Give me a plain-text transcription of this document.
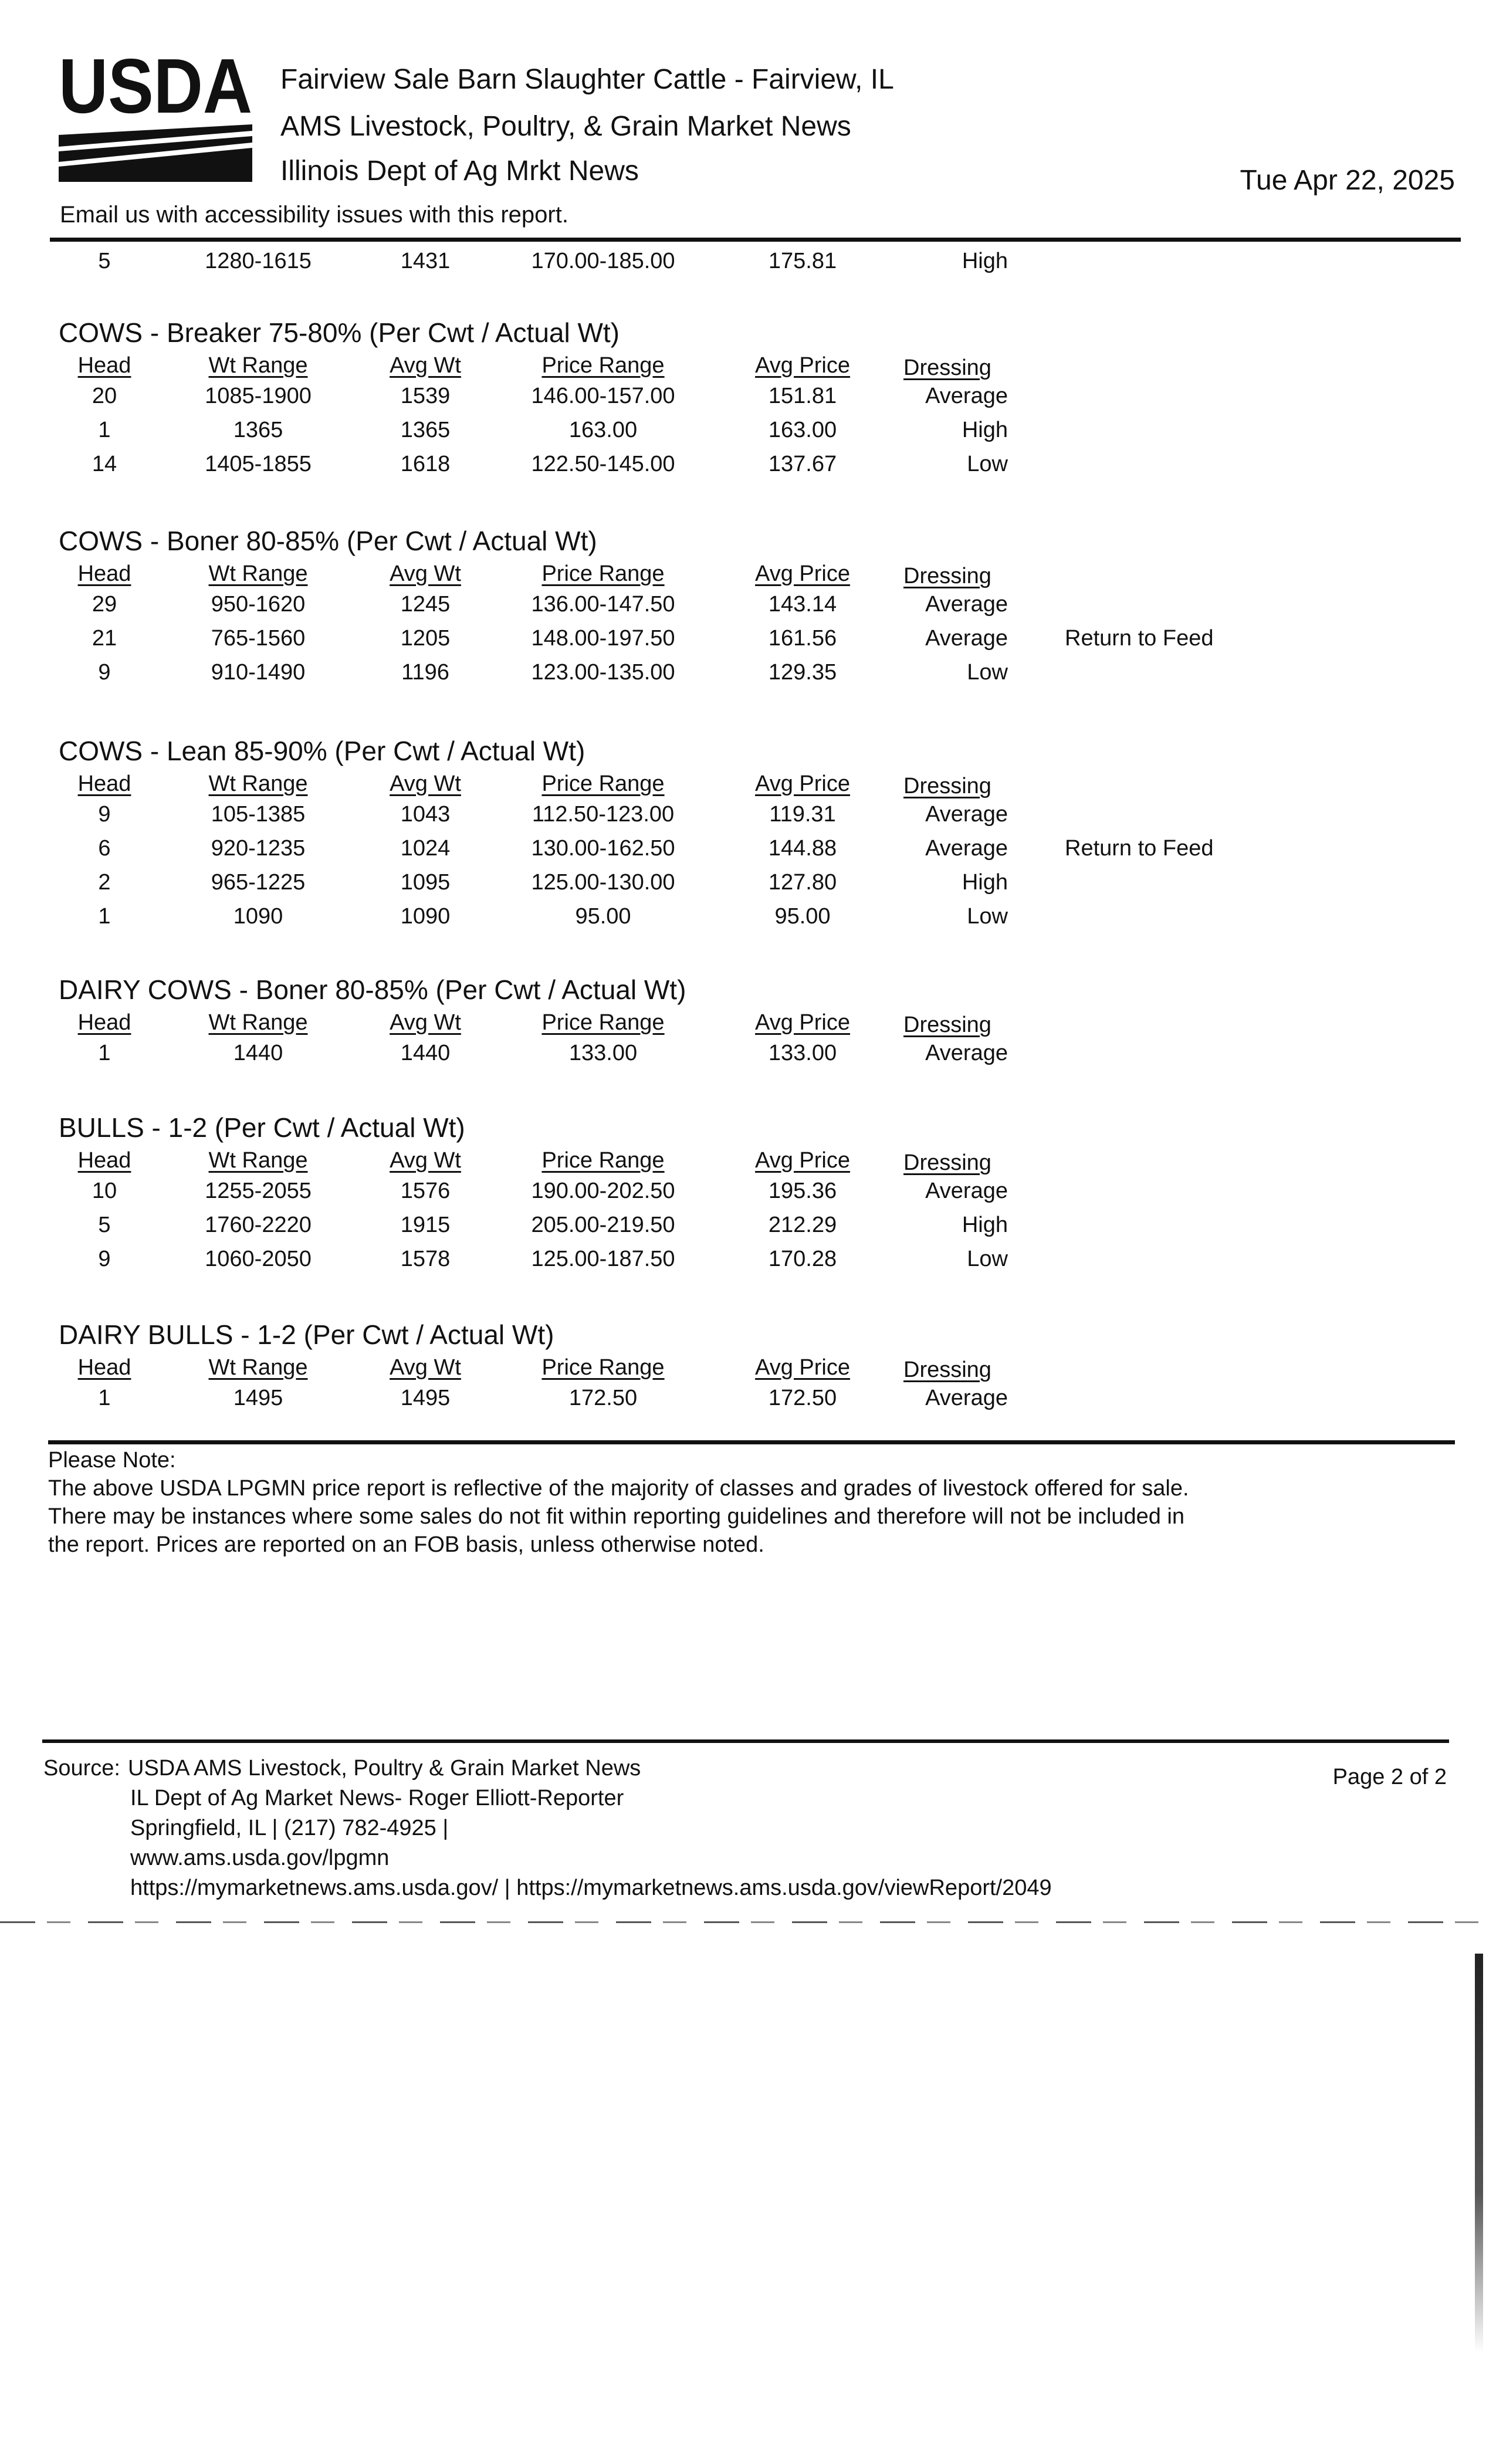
USDA Fairview Sale Barn Slaughter Cattle - Fairview, IL
AMS Livestock, Poultry, & Grain Market News
Illinois Dept of Ag Mrkt News	Tue Apr 22, 2025
Email us with accessibility issues with this report.
5	1280-1615	1431	170.00-185.00	175.81	High
COWS - Breaker 75-80% (Per Cwt / Actual Wt)
Head	Wt Range	Avg Wt	Price Range	Avg Price Dressing
20	1085-1900	1539	146.00-157.00	151.81	Average
1	1365	1365	163.00	163.00	High
14	1405-1855	1618	122.50-145.00	137.67	Low
COWS - Boner 80-85% (Per Cwt / Actual Wt)
Head	Wt Range	Avg Wt	Price Range	Avg Price Dressing
29	950-1620	1245	136.00-147.50	143.14	Average
21	765-1560	1205	148.00-197.50	161.56	Average	Return to Feed
9	910-1490	1196	123.00-135.00	129.35	Low
COWS - Lean 85-90% (Per Cwt / Actual Wt)
Head	Wt Range	Avg Wt	Price Range	Avg Price Dressing
9	105-1385	1043	112.50-123.00	119.31	Average
6	920-1235	1024	130.00-162.50	144.88	Average	Return to Feed
2	965-1225	1095	125.00-130.00	127.80	High
1	1090	1090	95.00	95.00	Low
DAIRY COWS - Boner 80-85% (Per Cwt / Actual Wt)
Head	Wt Range	Avg Wt	Price Range	Avg Price Dressing
1	1440	1440	133.00	133.00	Average
BULLS - 1-2 (Per Cwt / Actual Wt)
Head	Wt Range	Avg Wt	Price Range	Avg Price Dressing
10	1255-2055	1576	190.00-202.50	195.36	Average
5	1760-2220	1915	205.00-219.50	212.29	High
9	1060-2050	1578	125.00-187.50	170.28	Low
DAIRY BULLS - 1-2 (Per Cwt / Actual Wt)
Head	Wt Range	Avg Wt	Price Range	Avg Price Dressing
1	1495	1495	172.50	172.50	Average
Please Note:
The above USDA LPGMN price report is reflective of the majority of classes and grades of livestock offered for sale.
There may be instances where some sales do not fit within reporting guidelines and therefore will not be included in
the report. Prices are reported on an FOB basis, unless otherwise noted.
Source: USDA AMS Livestock, Poultry & Grain Market News
IL Dept of Ag Market News- Roger Elliott-Reporter
Springfield, IL | (217) 782-4925 |
www.ams.usda.gov/lpgmn
https://mymarketnews.ams.usda.gov/ | https://mymarketnews.ams.usda.gov/viewReport/2049
Page 2 of 2
